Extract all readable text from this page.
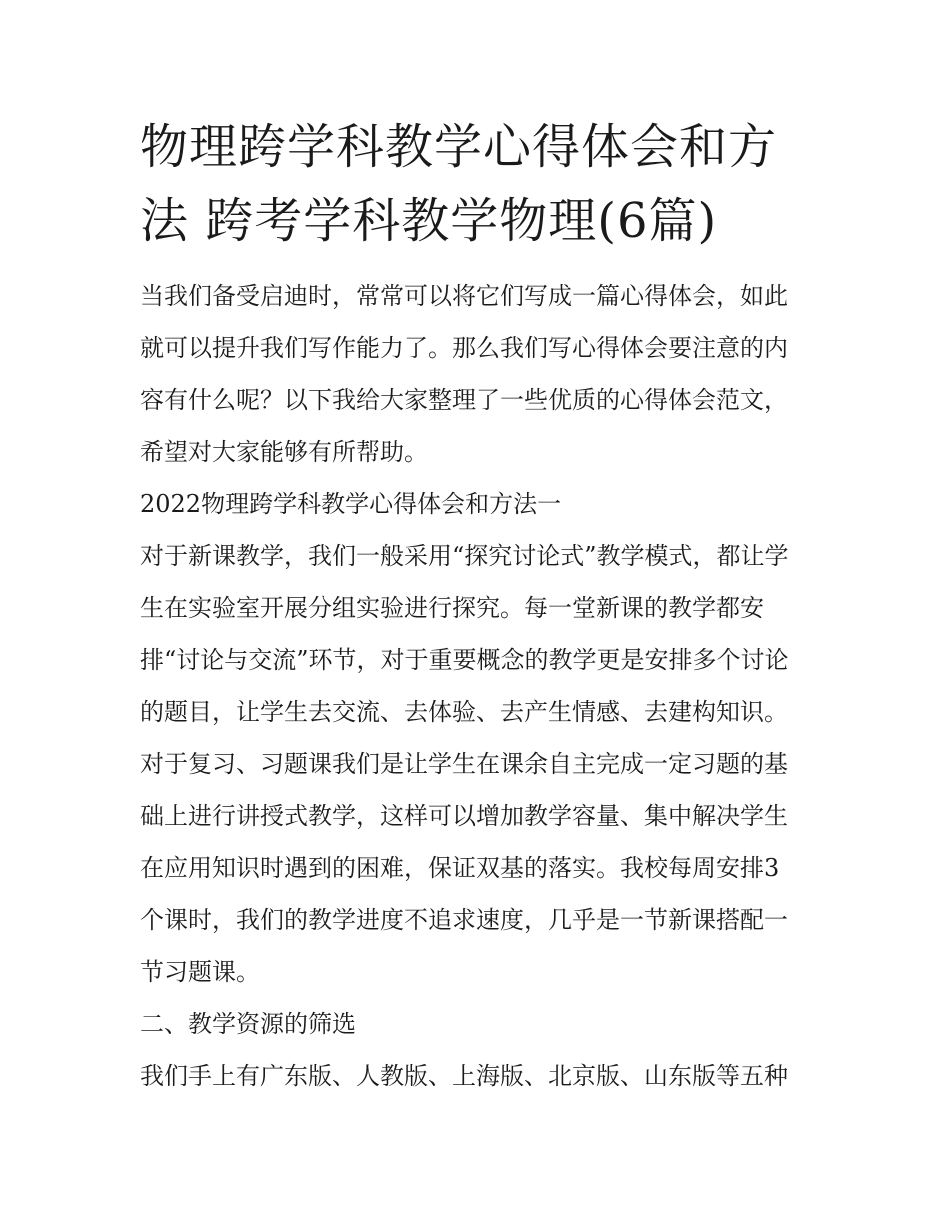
物理跨学科教学心得体会和方
法 跨考学科教学物理(6篇)

当我们备受启迪时，常常可以将它们写成一篇心得体会，如此
就可以提升我们写作能力了。那么我们写心得体会要注意的内
容有什么呢？以下我给大家整理了一些优质的心得体会范文，
希望对大家能够有所帮助。

2022物理跨学科教学心得体会和方法一

对于新课教学，我们一般采用“探究讨论式”教学模式，都让学
生在实验室开展分组实验进行探究。每一堂新课的教学都安
排“讨论与交流”环节，对于重要概念的教学更是安排多个讨论
的题目，让学生去交流、去体验、去产生情感、去建构知识。
对于复习、习题课我们是让学生在课余自主完成一定习题的基
础上进行讲授式教学，这样可以增加教学容量、集中解决学生
在应用知识时遇到的困难，保证双基的落实。我校每周安排3
个课时，我们的教学进度不追求速度，几乎是一节新课搭配一
节习题课。

二、教学资源的筛选

我们手上有广东版、人教版、上海版、北京版、山东版等五种
